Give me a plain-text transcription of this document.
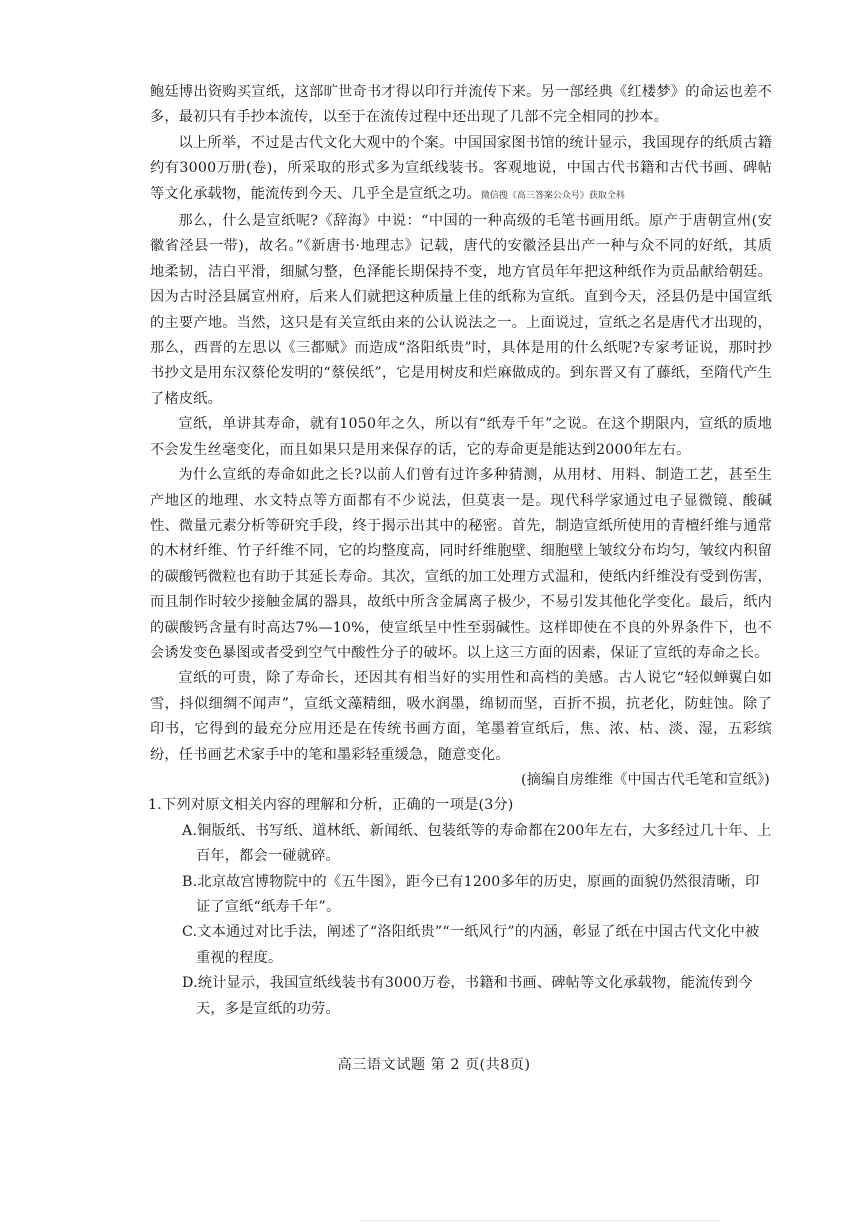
鲍廷博出资购买宣纸，这部旷世奇书才得以印行并流传下来。另一部经典《红楼梦》的命运也差不多，最初只有手抄本流传，以至于在流传过程中还出现了几部不完全相同的抄本。

以上所举，不过是古代文化大观中的个案。中国国家图书馆的统计显示，我国现存的纸质古籍约有3000万册(卷)，所采取的形式多为宣纸线装书。客观地说，中国古代书籍和古代书画、碑帖等文化承载物，能流传到今天、几乎全是宣纸之功。微信搜《高三答案公众号》获取全科

那么，什么是宣纸呢?《辞海》中说：“中国的一种高级的毛笔书画用纸。原产于唐朝宣州(安徽省泾县一带)，故名。”《新唐书·地理志》记载，唐代的安徽泾县出产一种与众不同的好纸，其质地柔韧，洁白平滑，细腻匀整，色泽能长期保持不变，地方官员年年把这种纸作为贡品献给朝廷。因为古时泾县属宣州府，后来人们就把这种质量上佳的纸称为宣纸。直到今天，泾县仍是中国宣纸的主要产地。当然，这只是有关宣纸由来的公认说法之一。上面说过，宣纸之名是唐代才出现的，那么，西晋的左思以《三都赋》而造成“洛阳纸贵”时，具体是用的什么纸呢?专家考证说，那时抄书抄文是用东汉蔡伦发明的“蔡侯纸”，它是用树皮和烂麻做成的。到东晋又有了藤纸，至隋代产生了楮皮纸。

宣纸，单讲其寿命，就有1050年之久，所以有“纸寿千年”之说。在这个期限内，宣纸的质地不会发生丝毫变化，而且如果只是用来保存的话，它的寿命更是能达到2000年左右。

为什么宣纸的寿命如此之长?以前人们曾有过许多种猜测，从用材、用料、制造工艺，甚至生产地区的地理、水文特点等方面都有不少说法，但莫衷一是。现代科学家通过电子显微镜、酸碱性、微量元素分析等研究手段，终于揭示出其中的秘密。首先，制造宣纸所使用的青檀纤维与通常的木材纤维、竹子纤维不同，它的均整度高，同时纤维胞壁、细胞壁上皱纹分布均匀，皱纹内积留的碳酸钙微粒也有助于其延长寿命。其次，宣纸的加工处理方式温和，使纸内纤维没有受到伤害，而且制作时较少接触金属的器具，故纸中所含金属离子极少，不易引发其他化学变化。最后，纸内的碳酸钙含量有时高达7%—10%，使宣纸呈中性至弱碱性。这样即使在不良的外界条件下，也不会诱发变色暴图或者受到空气中酸性分子的破坏。以上这三方面的因素，保证了宣纸的寿命之长。

宣纸的可贵，除了寿命长，还因其有相当好的实用性和高档的美感。古人说它“轻似蝉翼白如雪，抖似细绸不闻声”，宣纸文藻精细，吸水润墨，绵韧而坚，百折不损，抗老化，防蛀蚀。除了印书，它得到的最充分应用还是在传统书画方面，笔墨着宣纸后，焦、浓、枯、淡、湿，五彩缤纷，任书画艺术家手中的笔和墨彩轻重缓急，随意变化。

(摘编自房维维《中国古代毛笔和宣纸》)

1.下列对原文相关内容的理解和分析，正确的一项是(3分)

A.铜版纸、书写纸、道林纸、新闻纸、包装纸等的寿命都在200年左右，大多经过几十年、上百年，都会一碰就碎。
B.北京故宫博物院中的《五牛图》，距今已有1200多年的历史，原画的面貌仍然很清晰，印证了宣纸“纸寿千年”。
C.文本通过对比手法，阐述了“洛阳纸贵”“一纸风行”的内涵，彰显了纸在中国古代文化中被重视的程度。
D.统计显示，我国宣纸线装书有3000万卷，书籍和书画、碑帖等文化承载物，能流传到今天，多是宣纸的功劳。
高三语文试题 第 2 页(共8页)
